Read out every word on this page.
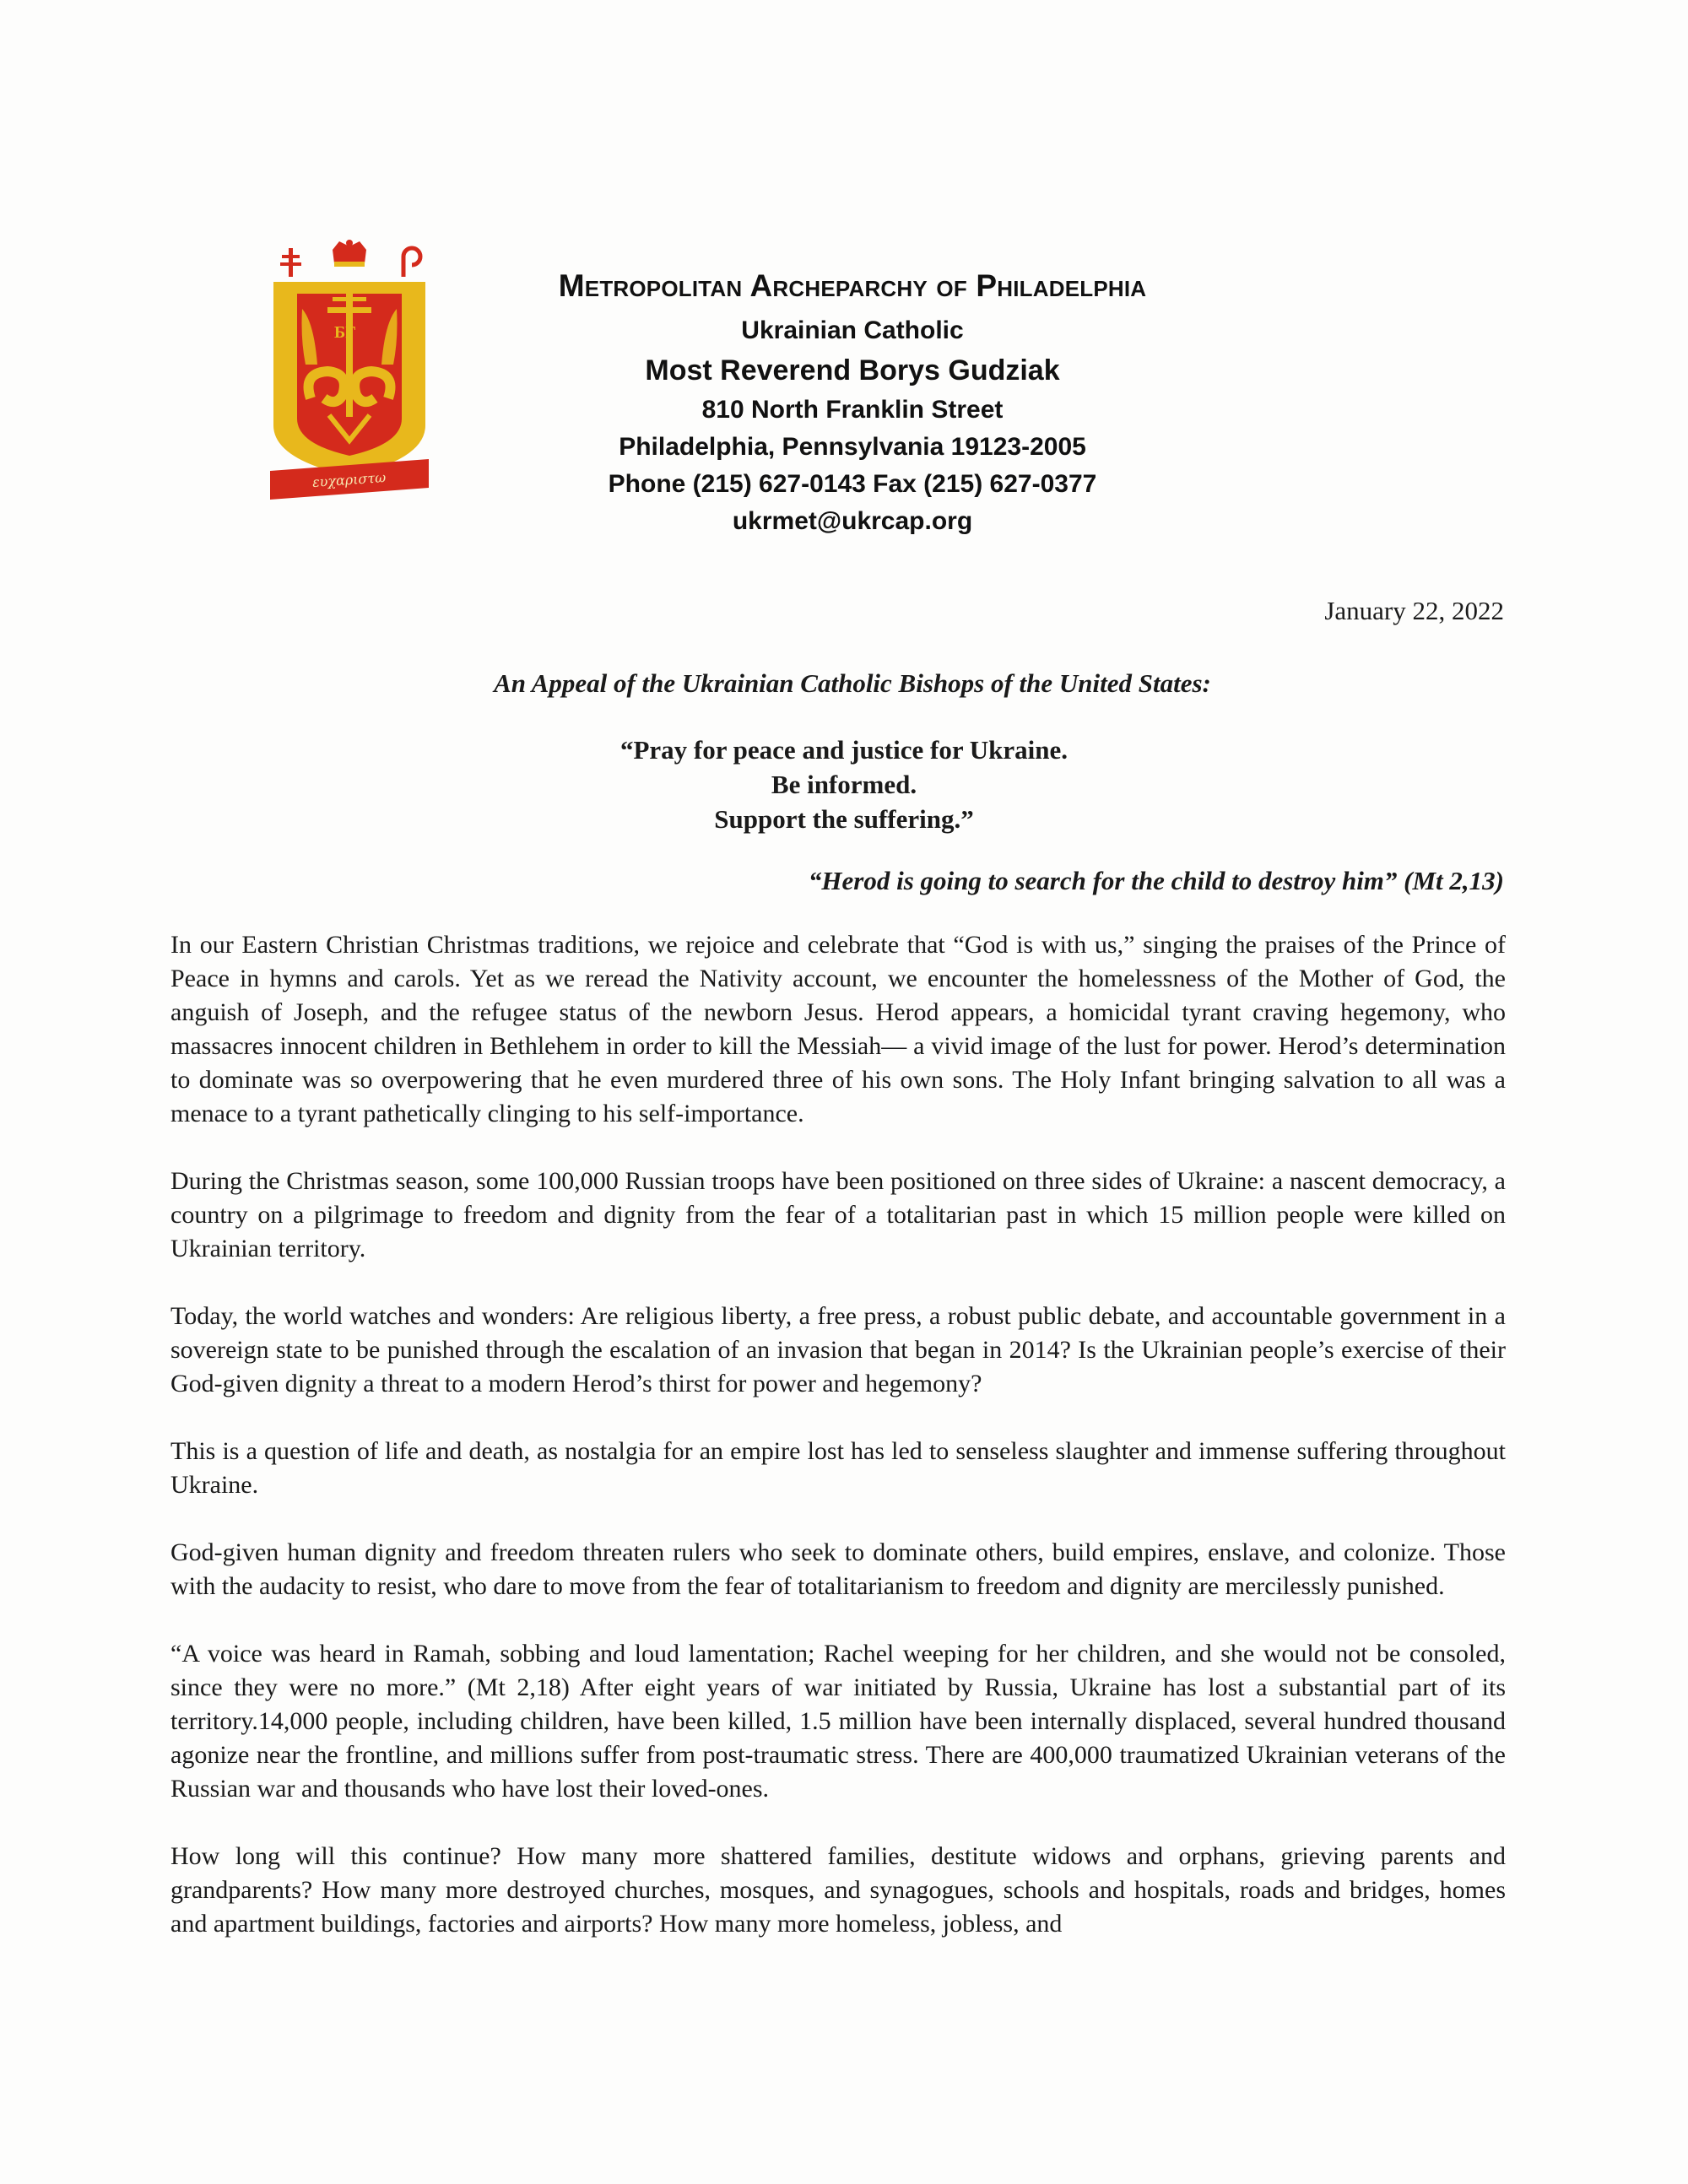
БГ
ευχαριστω
Metropolitan Archeparchy of Philadelphia
Ukrainian Catholic
Most Reverend Borys Gudziak
810 North Franklin Street
Philadelphia, Pennsylvania 19123-2005
Phone (215) 627-0143 Fax (215) 627-0377
ukrmet@ukrcap.org
January 22, 2022
An Appeal of the Ukrainian Catholic Bishops of the United States:
“Pray for peace and justice for Ukraine.
Be informed.
Support the suffering.”
“Herod is going to search for the child to destroy him” (Mt 2,13)

In our Eastern Christian Christmas traditions, we rejoice and celebrate that “God is with us,” singing the praises of the Prince of Peace in hymns and carols. Yet as we reread the Nativity account, we encounter the homelessness of the Mother of God, the anguish of Joseph, and the refugee status of the newborn Jesus. Herod appears, a homicidal tyrant craving hegemony, who massacres innocent children in Bethlehem in order to kill the Messiah— a vivid image of the lust for power. Herod’s determination to dominate was so overpowering that he even murdered three of his own sons. The Holy Infant bringing salvation to all was a menace to a tyrant pathetically clinging to his self-importance.

During the Christmas season, some 100,000 Russian troops have been positioned on three sides of Ukraine: a nascent democracy, a country on a pilgrimage to freedom and dignity from the fear of a totalitarian past in which 15 million people were killed on Ukrainian territory.

Today, the world watches and wonders: Are religious liberty, a free press, a robust public debate, and accountable government in a sovereign state to be punished through the escalation of an invasion that began in 2014? Is the Ukrainian people’s exercise of their God-given dignity a threat to a modern Herod’s thirst for power and hegemony?

This is a question of life and death, as nostalgia for an empire lost has led to senseless slaughter and immense suffering throughout Ukraine.

God-given human dignity and freedom threaten rulers who seek to dominate others, build empires, enslave, and colonize. Those with the audacity to resist, who dare to move from the fear of totalitarianism to freedom and dignity are mercilessly punished.

“A voice was heard in Ramah, sobbing and loud lamentation; Rachel weeping for her children, and she would not be consoled, since they were no more.” (Mt 2,18) After eight years of war initiated by Russia, Ukraine has lost a substantial part of its territory.14,000 people, including children, have been killed, 1.5 million have been internally displaced, several hundred thousand agonize near the frontline, and millions suffer from post-traumatic stress. There are 400,000 traumatized Ukrainian veterans of the Russian war and thousands who have lost their loved-ones.

How long will this continue? How many more shattered families, destitute widows and orphans, grieving parents and grandparents? How many more destroyed churches, mosques, and synagogues, schools and hospitals, roads and bridges, homes and apartment buildings, factories and airports? How many more homeless, jobless, and
